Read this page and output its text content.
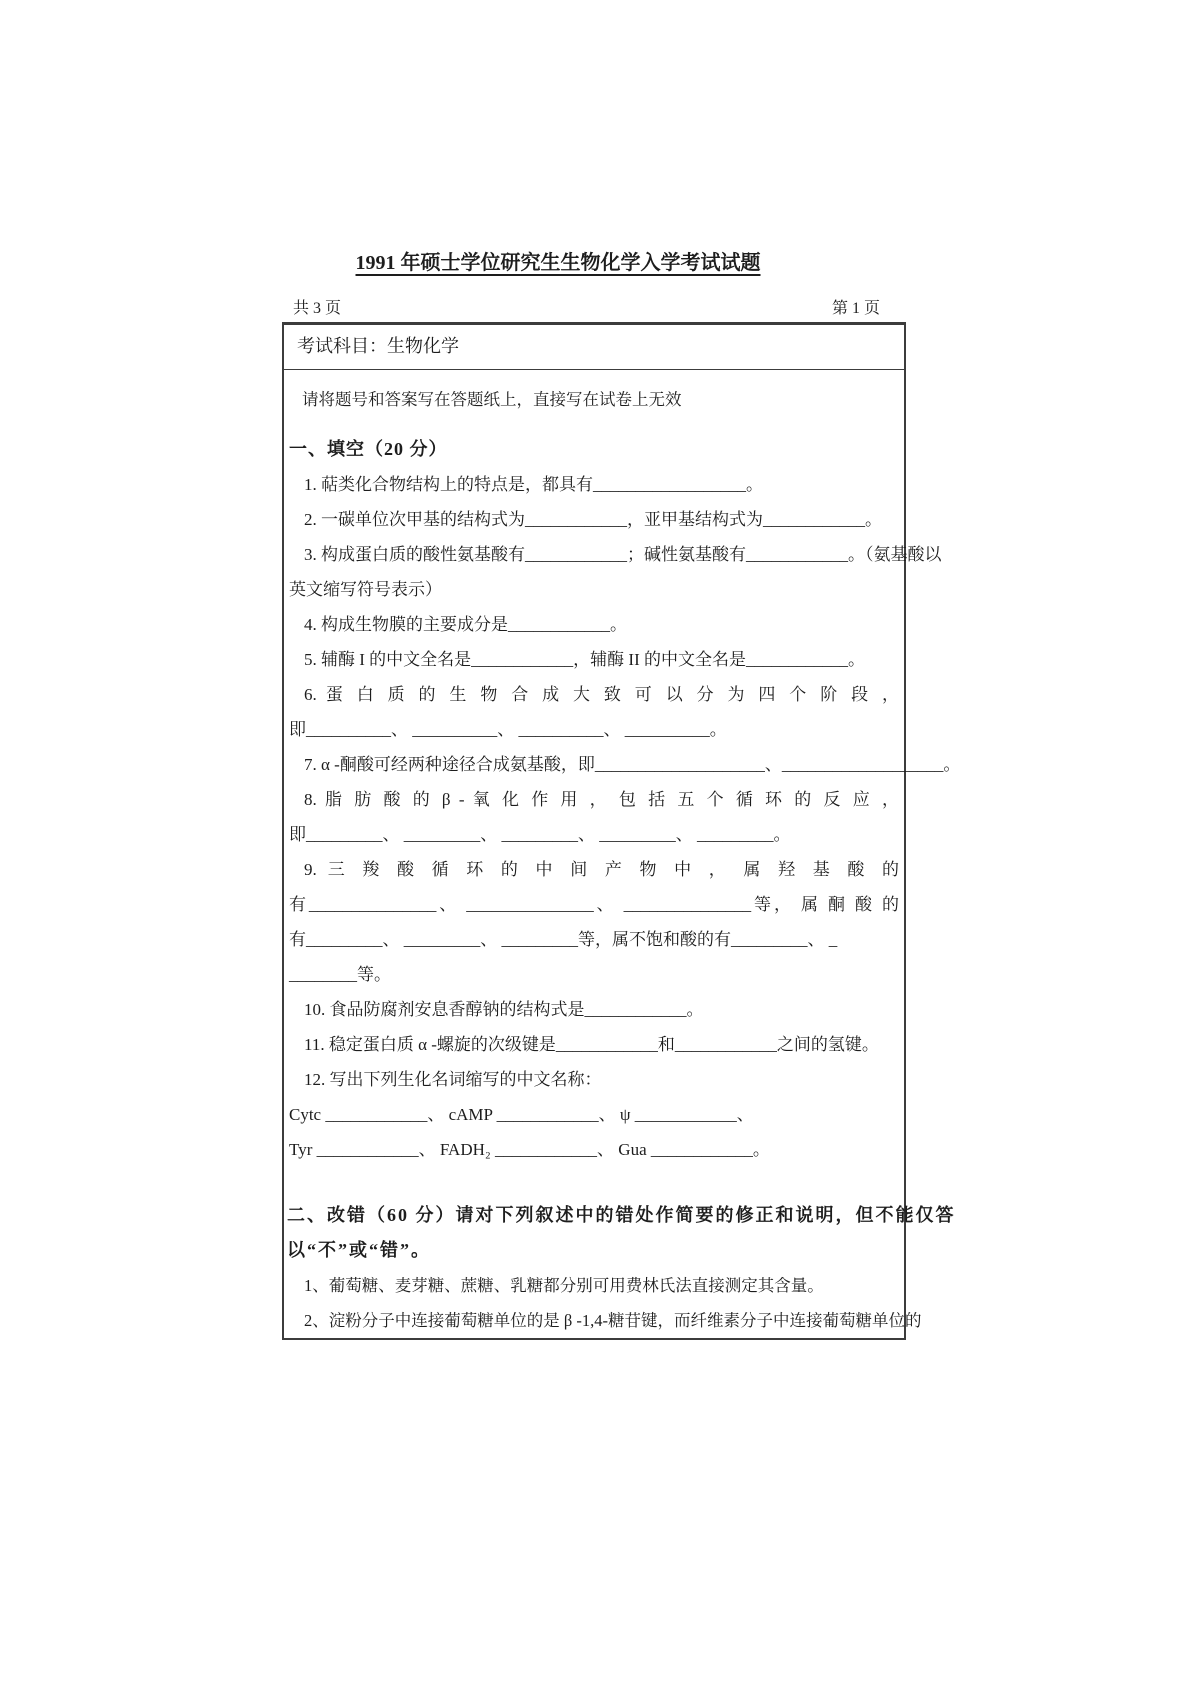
1991 年硕士学位研究生生物化学入学考试试题
共 3 页	第 1 页
考试科目：生物化学
请将题号和答案写在答题纸上，直接写在试卷上无效
一、填空（20 分）
1. 萜类化合物结构上的特点是，都具有__________________。
2. 一碳单位次甲基的结构式为____________，亚甲基结构式为____________。
3. 构成蛋白质的酸性氨基酸有____________；碱性氨基酸有____________。（氨基酸以
英文缩写符号表示）
4. 构成生物膜的主要成分是____________。
5. 辅酶 I 的中文全名是____________，辅酶 II 的中文全名是____________。
6. 蛋 白 质 的 生 物 合 成 大 致 可 以 分 为 四 个 阶 段 ，
即__________、 __________、 __________、 __________。
7. α -酮酸可经两种途径合成氨基酸，即____________________、___________________。
8. 脂 肪 酸 的 β - 氧 化 作 用 ， 包 括 五 个 循 环 的 反 应 ，
即_________、 _________、 _________、 _________、 _________。
9. 三 羧 酸 循 环 的 中 间 产 物 中 ， 属 羟 基 酸 的
有_______________、 _______________、 _______________等， 属 酮 酸 的
有_________、 _________、 _________等，属不饱和酸的有_________、 _
________等。
10. 食品防腐剂安息香醇钠的结构式是____________。
11. 稳定蛋白质 α -螺旋的次级键是____________和____________之间的氢键。
12. 写出下列生化名词缩写的中文名称：
Cytc ____________、 cAMP ____________、 ψ ____________、
Tyr ____________、 FADH₂ ____________、 Gua ____________。
二、改错（60 分）请对下列叙述中的错处作简要的修正和说明，但不能仅答
以“不”或“错”。
1、葡萄糖、麦芽糖、蔗糖、乳糖都分别可用费林氏法直接测定其含量。
2、淀粉分子中连接葡萄糖单位的是 β -1,4-糖苷键，而纤维素分子中连接葡萄糖单位的
